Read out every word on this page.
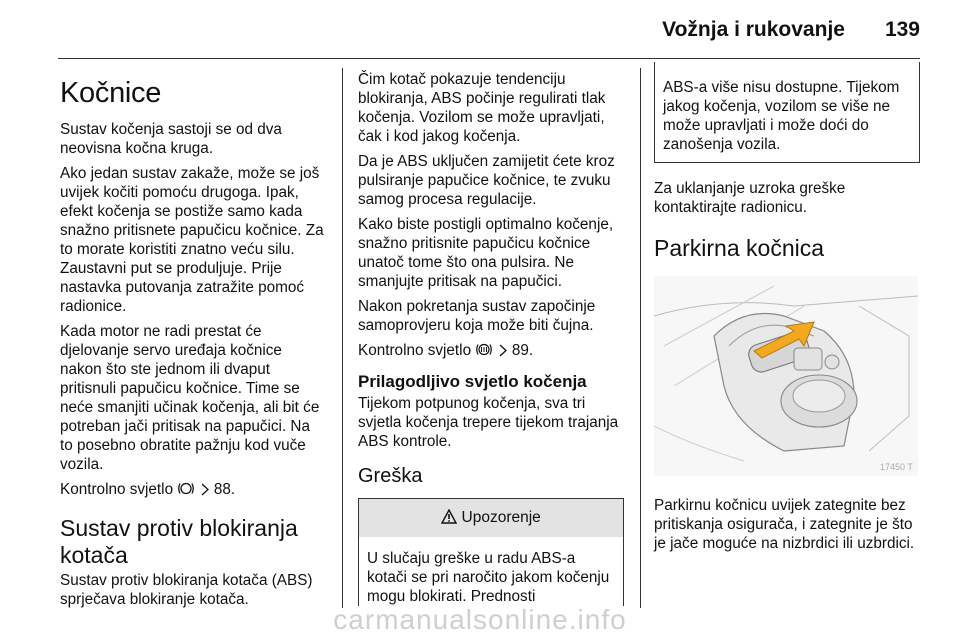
Vožnja i rukovanje 139
Kočnice

Sustav kočenja sastoji se od dva neovisna kočna kruga.

Ako jedan sustav zakaže, može se još uvijek kočiti pomoću drugoga. Ipak, efekt kočenja se postiže samo kada snažno pritisnete papučicu kočnice. Za to morate koristiti znatno veću silu. Zaustavni put se produljuje. Prije nastavka putovanja zatražite pomoć radionice.

Kada motor ne radi prestat će djelovanje servo uređaja kočnice nakon što ste jednom ili dvaput pritisnuli papučicu kočnice. Time se neće smanjiti učinak kočenja, ali bit će potreban jači pritisak na papučici. Na to posebno obratite pažnju kod vuče vozila.

Kontrolno svjetlo	88.

Sustav protiv blokiranja kotača

Sustav protiv blokiranja kotača (ABS) sprječava blokiranje kotača.

Čim kotač pokazuje tendenciju blokiranja, ABS počinje regulirati tlak kočenja. Vozilom se može upravljati, čak i kod jakog kočenja.

Da je ABS uključen zamijetit ćete kroz pulsiranje papučice kočnice, te zvuku samog procesa regulacije.

Kako biste postigli optimalno kočenje, snažno pritisnite papučicu kočnice unatoč tome što ona pulsira. Ne smanjujte pritisak na papučici.

Nakon pokretanja sustav započinje samoprovjeru koja može biti čujna.

Kontrolno svjetlo	89.

Prilagodljivo svjetlo kočenja

Tijekom potpunog kočenja, sva tri svjetla kočenja trepere tijekom trajanja ABS kontrole.

Greška
Upozorenje

U slučaju greške u radu ABS-a kotači se pri naročito jakom kočenju mogu blokirati. Prednosti

ABS-a više nisu dostupne. Tijekom jakog kočenja, vozilom se više ne može upravljati i može doći do zanošenja vozila.

Za uklanjanje uzroka greške kontaktirajte radionicu.

Parkirna kočnica
17450 T

Parkirnu kočnicu uvijek zategnite bez pritiskanja osigurača, i zategnite je što je jače moguće na nizbrdici ili uzbrdici.

carmanualsonline.info
